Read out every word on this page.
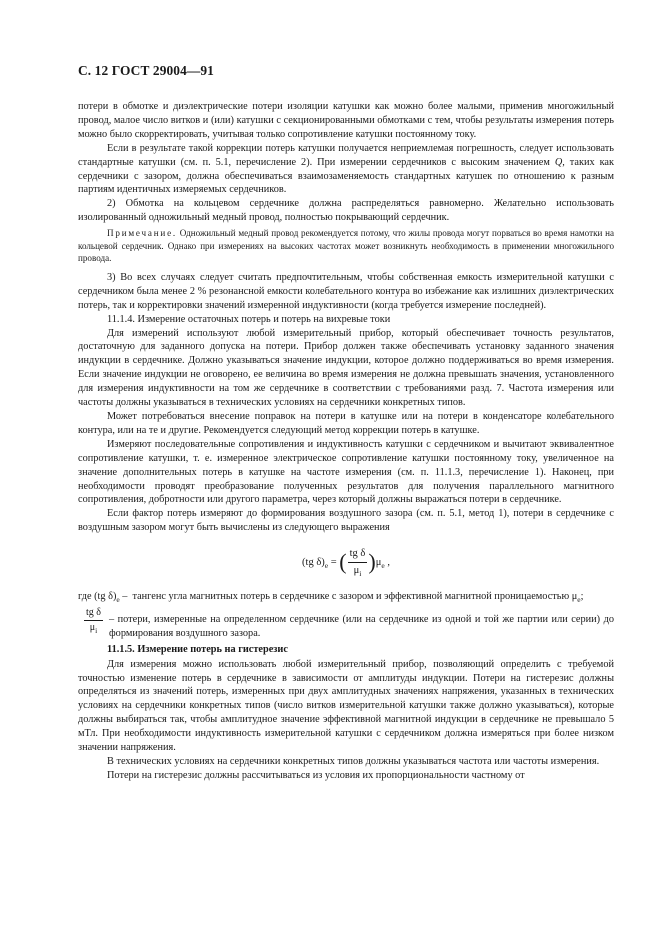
С. 12 ГОСТ 29004—91

потери в обмотке и диэлектрические потери изоляции катушки как можно более малыми, применив многожильный провод, малое число витков и (или) катушки с секционированными обмотками с тем, чтобы результаты измерения потерь можно было скорректировать, учитывая только сопротивление катушки постоянному току.

Если в результате такой коррекции потерь катушки получается неприемлемая погрешность, следует использовать стандартные катушки (см. п. 5.1, перечисление 2). При измерении сердечников с высоким значением Q, таких как сердечники с зазором, должна обеспечиваться взаимозаменяемость стандартных катушек по отношению к разным партиям идентичных измеряемых сердечников.

2) Обмотка на кольцевом сердечнике должна распределяться равномерно. Желательно использовать изолированный одножильный медный провод, полностью покрывающий сердечник.

Примечание. Одножильный медный провод рекомендуется потому, что жилы провода могут порваться во время намотки на кольцевой сердечник. Однако при измерениях на высоких частотах может возникнуть необходимость в применении многожильного провода.

3) Во всех случаях следует считать предпочтительным, чтобы собственная емкость измерительной катушки с сердечником была менее 2 % резонансной емкости колебательного контура во избежание как излишних диэлектрических потерь, так и корректировки значений измеренной индуктивности (когда требуется измерение последней).

11.1.4. Измерение остаточных потерь и потерь на вихревые токи

Для измерений используют любой измерительный прибор, который обеспечивает точность результатов, достаточную для заданного допуска на потери. Прибор должен также обеспечивать установку заданного значения индукции в сердечнике. Должно указываться значение индукции, которое должно поддерживаться во время измерения. Если значение индукции не оговорено, ее величина во время измерения не должна превышать значения, установленного для измерения индуктивности на том же сердечнике в соответствии с требованиями разд. 7. Частота измерения или частоты должны указываться в технических условиях на сердечники конкретных типов.

Может потребоваться внесение поправок на потери в катушке или на потери в конденсаторе колебательного контура, или на те и другие. Рекомендуется следующий метод коррекции потерь в катушке.

Измеряют последовательные сопротивления и индуктивность катушки с сердечником и вычитают эквивалентное сопротивление катушки, т. е. измеренное электрическое сопротивление катушки постоянному току, увеличенное на значение дополнительных потерь в катушке на частоте измерения (см. п. 11.1.3, перечисление 1). Наконец, при необходимости проводят преобразование полученных результатов для получения параллельного магнитного сопротивления, добротности или другого параметра, через который должны выражаться потери в сердечнике.

Если фактор потерь измеряют до формирования воздушного зазора (см. п. 5.1, метод 1), потери в сердечнике с воздушным зазором могут быть вычислены из следующего выражения

(tg $\delta)_e$ = ( $\frac{\text{tg δ}}{\mu_i} )\mu_e$ ,
где (tg $\delta)_e$ – тангенс угла магнитных потерь в сердечнике с зазором и эффективной магнитной проницаемостью $\mu_e$;
$\frac{\text{tg δ}}{\mu_i}$ – потери, измеренные на определенном сердечнике (или на сердечнике из одной и той же партии или серии) до формирования воздушного зазора.

11.1.5. Измерение потерь на гистерезис

Для измерения можно использовать любой измерительный прибор, позволяющий определить с требуемой точностью изменение потерь в сердечнике в зависимости от амплитуды индукции. Потери на гистерезис должны определяться из значений потерь, измеренных при двух амплитудных значениях напряжения, указанных в технических условиях на сердечники конкретных типов (число витков измерительной катушки также должно указываться), которые должны выбираться так, чтобы амплитудное значение эффективной магнитной индукции в сердечнике не превышало 5 мТл. При необходимости индуктивность измерительной катушки с сердечником должна измеряться при более низком значении напряжения.

В технических условиях на сердечники конкретных типов должны указываться частота или частоты измерения.

Потери на гистерезис должны рассчитываться из условия их пропорциональности частному от
